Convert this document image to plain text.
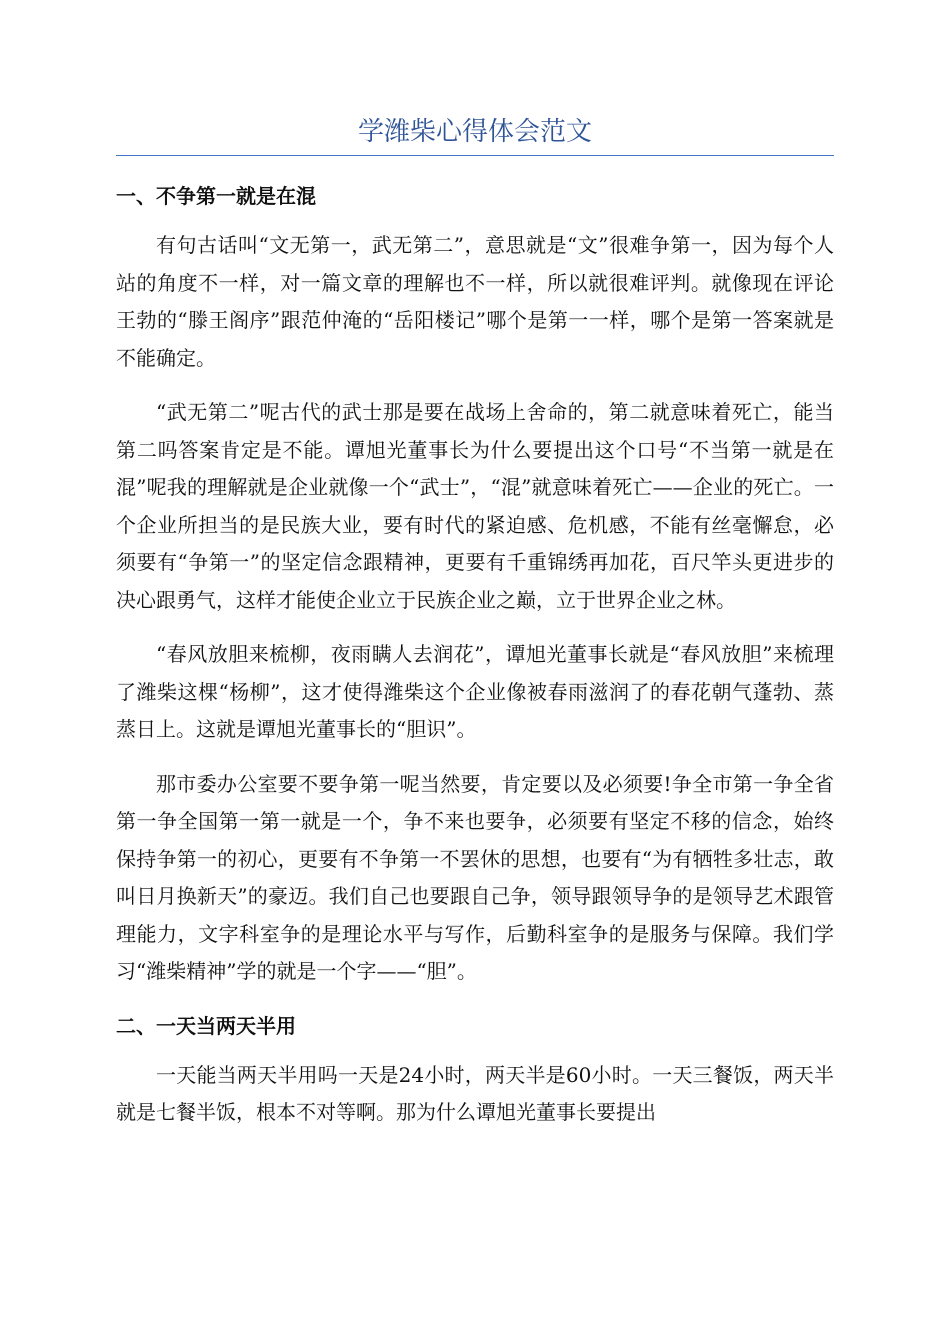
学潍柴心得体会范文
一、不争第一就是在混

有句古话叫“文无第一，武无第二”，意思就是“文”很难争第一，因为每个人站的角度不一样，对一篇文章的理解也不一样，所以就很难评判。就像现在评论王勃的“滕王阁序”跟范仲淹的“岳阳楼记”哪个是第一一样，哪个是第一答案就是不能确定。

“武无第二”呢古代的武士那是要在战场上舍命的，第二就意味着死亡，能当第二吗答案肯定是不能。谭旭光董事长为什么要提出这个口号“不当第一就是在混”呢我的理解就是企业就像一个“武士”，“混”就意味着死亡——企业的死亡。一个企业所担当的是民族大业，要有时代的紧迫感、危机感，不能有丝毫懈怠，必须要有“争第一”的坚定信念跟精神，更要有千重锦绣再加花，百尺竿头更进步的决心跟勇气，这样才能使企业立于民族企业之巅，立于世界企业之林。

“春风放胆来梳柳，夜雨瞒人去润花”，谭旭光董事长就是“春风放胆”来梳理了潍柴这棵“杨柳”，这才使得潍柴这个企业像被春雨滋润了的春花朝气蓬勃、蒸蒸日上。这就是谭旭光董事长的“胆识”。

那市委办公室要不要争第一呢当然要，肯定要以及必须要!争全市第一争全省第一争全国第一第一就是一个，争不来也要争，必须要有坚定不移的信念，始终保持争第一的初心，更要有不争第一不罢休的思想，也要有“为有牺牲多壮志，敢叫日月换新天”的豪迈。我们自己也要跟自己争，领导跟领导争的是领导艺术跟管理能力，文字科室争的是理论水平与写作，后勤科室争的是服务与保障。我们学习“潍柴精神”学的就是一个字——“胆”。

二、一天当两天半用

一天能当两天半用吗一天是24小时，两天半是60小时。一天三餐饭，两天半就是七餐半饭，根本不对等啊。那为什么谭旭光董事长要提出
